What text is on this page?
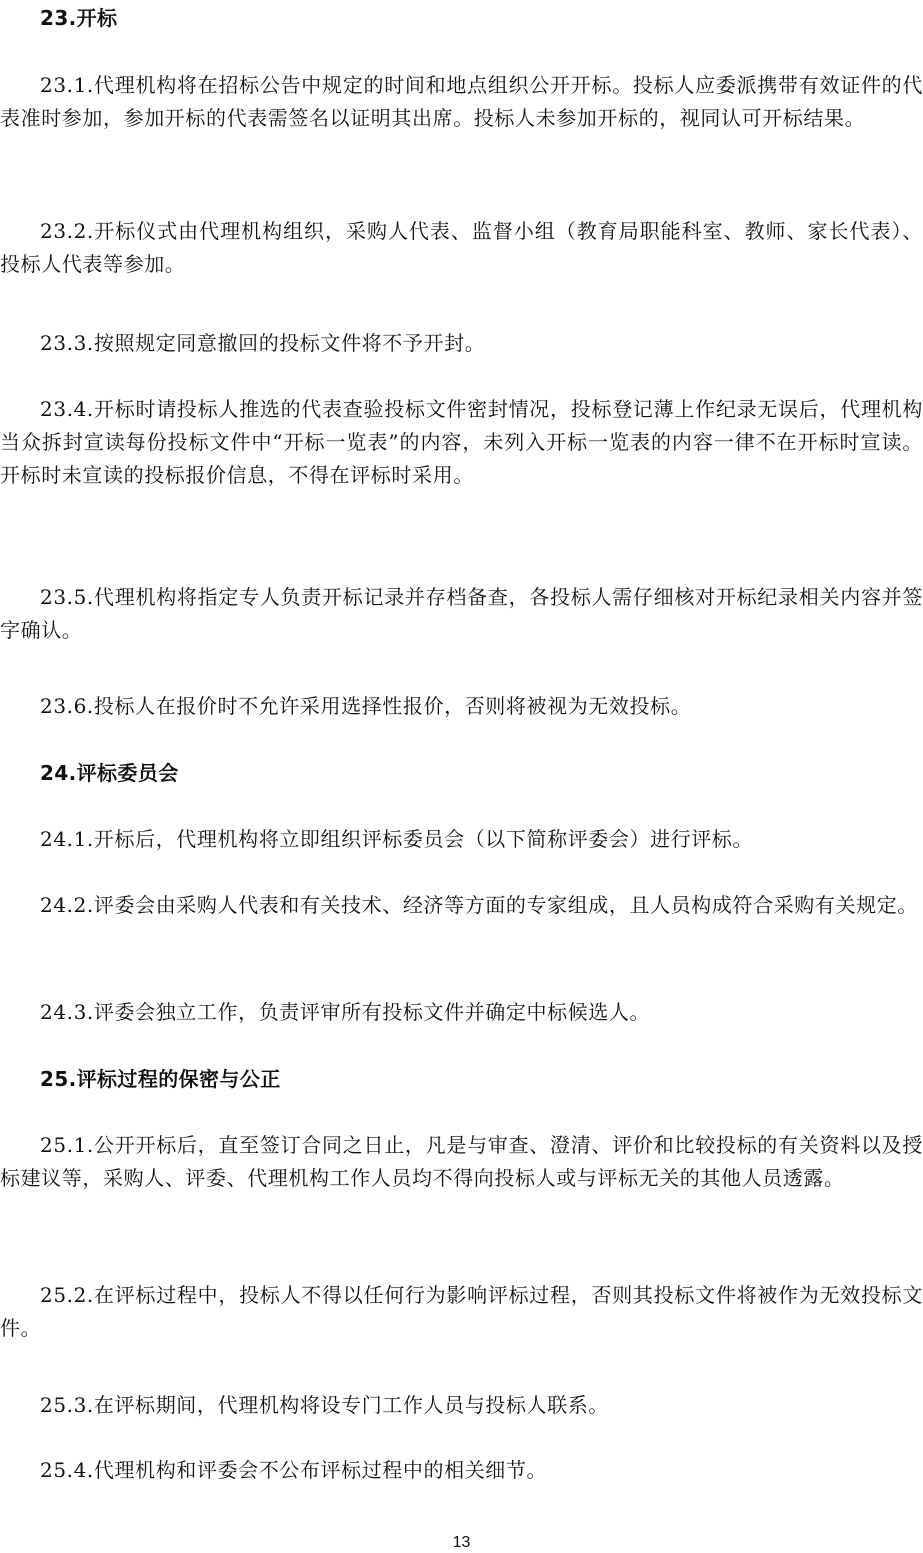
23.开标
23.1.代理机构将在招标公告中规定的时间和地点组织公开开标。投标人应委派携带有效证件的代表准时参加，参加开标的代表需签名以证明其出席。投标人未参加开标的，视同认可开标结果。
23.2.开标仪式由代理机构组织，采购人代表、监督小组（教育局职能科室、教师、家长代表）、投标人代表等参加。
23.3.按照规定同意撤回的投标文件将不予开封。
23.4.开标时请投标人推选的代表查验投标文件密封情况，投标登记薄上作纪录无误后，代理机构当众拆封宣读每份投标文件中“开标一览表”的内容，未列入开标一览表的内容一律不在开标时宣读。开标时未宣读的投标报价信息，不得在评标时采用。
23.5.代理机构将指定专人负责开标记录并存档备查，各投标人需仔细核对开标纪录相关内容并签字确认。
23.6.投标人在报价时不允许采用选择性报价，否则将被视为无效投标。
24.评标委员会
24.1.开标后，代理机构将立即组织评标委员会（以下简称评委会）进行评标。
24.2.评委会由采购人代表和有关技术、经济等方面的专家组成，且人员构成符合采购有关规定。
24.3.评委会独立工作，负责评审所有投标文件并确定中标候选人。
25.评标过程的保密与公正
25.1.公开开标后，直至签订合同之日止，凡是与审查、澄清、评价和比较投标的有关资料以及授标建议等，采购人、评委、代理机构工作人员均不得向投标人或与评标无关的其他人员透露。
25.2.在评标过程中，投标人不得以任何行为影响评标过程，否则其投标文件将被作为无效投标文件。
25.3.在评标期间，代理机构将设专门工作人员与投标人联系。
25.4.代理机构和评委会不公布评标过程中的相关细节。
13
